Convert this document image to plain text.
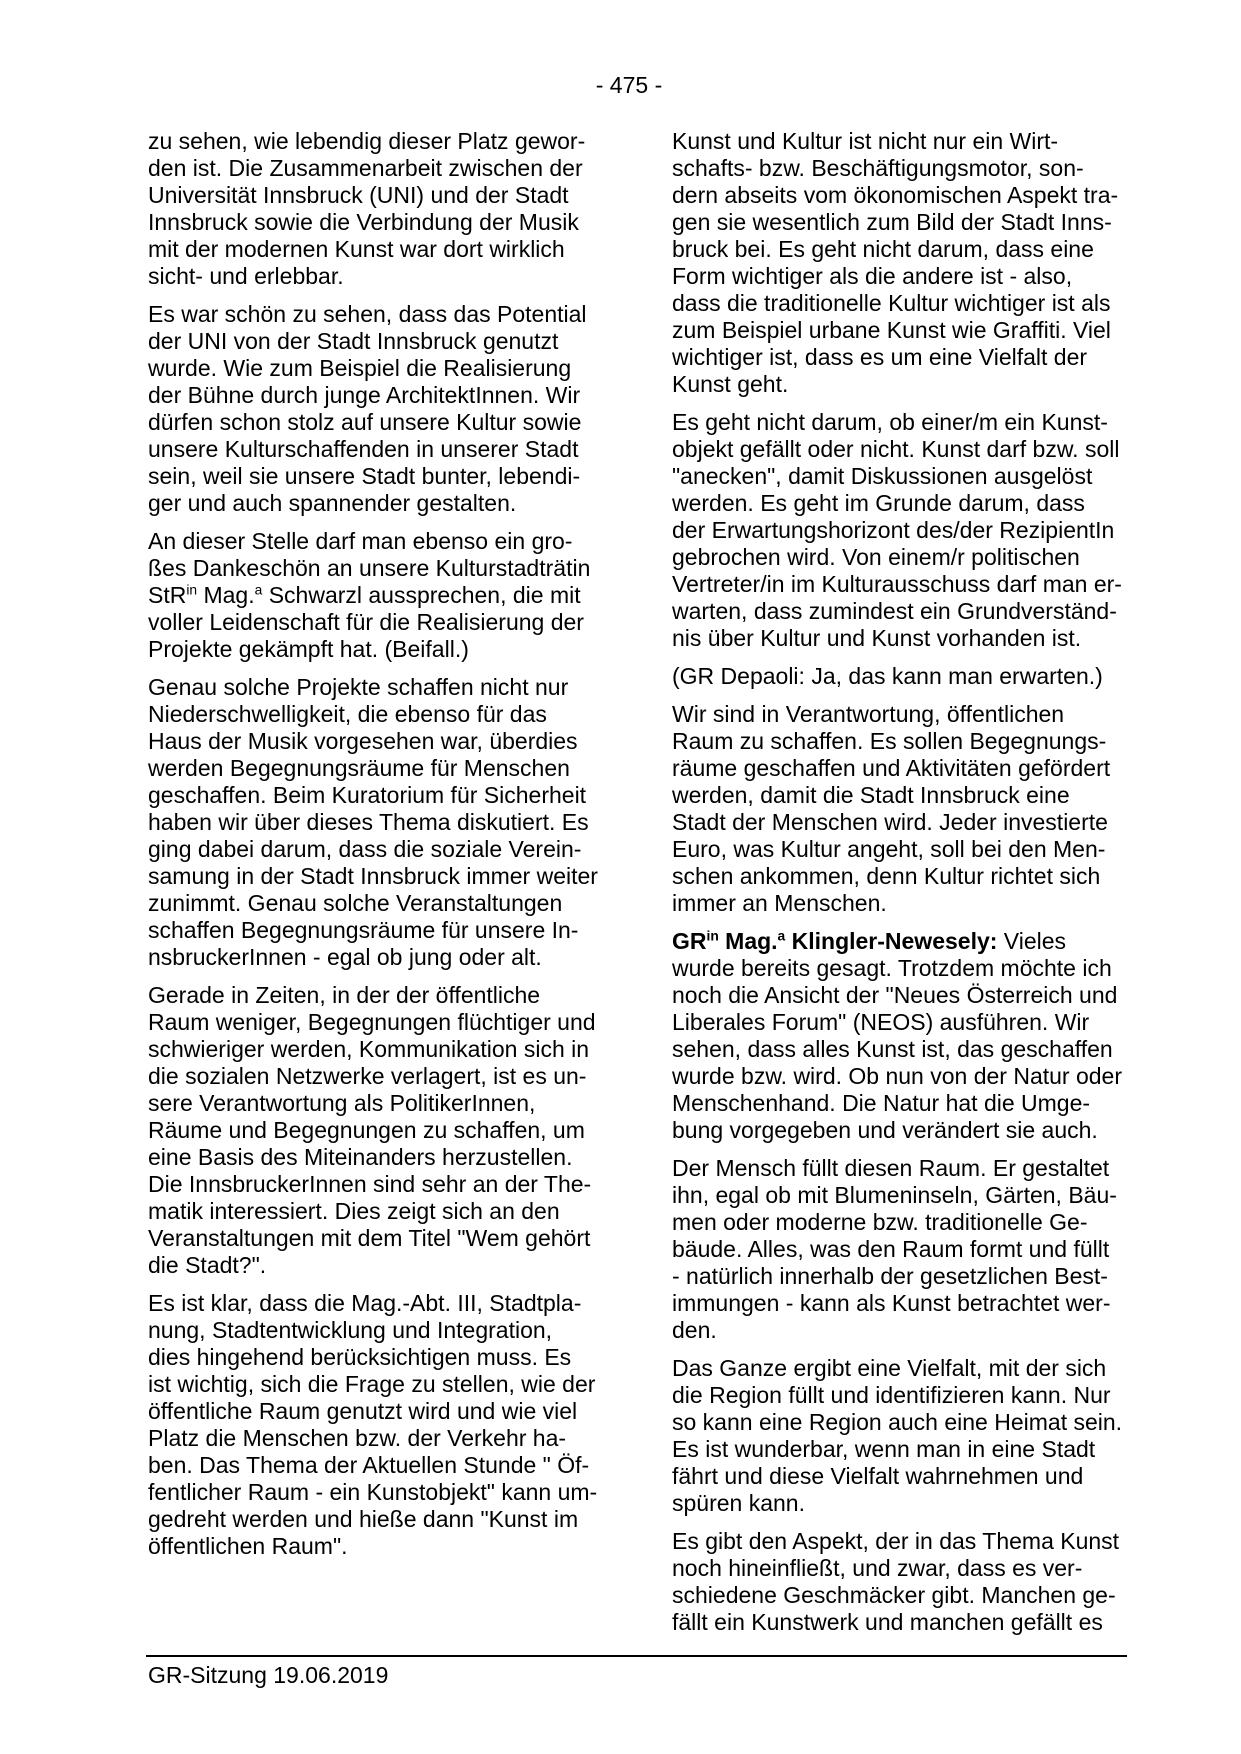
- 475 -

zu sehen, wie lebendig dieser Platz gewor-
den ist. Die Zusammenarbeit zwischen der
Universität Innsbruck (UNI) und der Stadt
Innsbruck sowie die Verbindung der Musik
mit der modernen Kunst war dort wirklich
sicht- und erlebbar.

Es war schön zu sehen, dass das Potential
der UNI von der Stadt Innsbruck genutzt
wurde. Wie zum Beispiel die Realisierung
der Bühne durch junge ArchitektInnen. Wir
dürfen schon stolz auf unsere Kultur sowie
unsere Kulturschaffenden in unserer Stadt
sein, weil sie unsere Stadt bunter, lebendi-
ger und auch spannender gestalten.

An dieser Stelle darf man ebenso ein gro-
ßes Dankeschön an unsere Kulturstadträtin
StR$^{in}$ Mag.$^a$ Schwarzl aussprechen, die mit
voller Leidenschaft für die Realisierung der
Projekte gekämpft hat. (Beifall.)

Genau solche Projekte schaffen nicht nur
Niederschwelligkeit, die ebenso für das
Haus der Musik vorgesehen war, überdies
werden Begegnungsräume für Menschen
geschaffen. Beim Kuratorium für Sicherheit
haben wir über dieses Thema diskutiert. Es
ging dabei darum, dass die soziale Verein-
samung in der Stadt Innsbruck immer weiter
zunimmt. Genau solche Veranstaltungen
schaffen Begegnungsräume für unsere In-
nsbruckerInnen - egal ob jung oder alt.

Gerade in Zeiten, in der der öffentliche
Raum weniger, Begegnungen flüchtiger und
schwieriger werden, Kommunikation sich in
die sozialen Netzwerke verlagert, ist es un-
sere Verantwortung als PolitikerInnen,
Räume und Begegnungen zu schaffen, um
eine Basis des Miteinanders herzustellen.
Die InnsbruckerInnen sind sehr an der The-
matik interessiert. Dies zeigt sich an den
Veranstaltungen mit dem Titel "Wem gehört
die Stadt?".

Es ist klar, dass die Mag.-Abt. III, Stadtpla-
nung, Stadtentwicklung und Integration,
dies hingehend berücksichtigen muss. Es
ist wichtig, sich die Frage zu stellen, wie der
öffentliche Raum genutzt wird und wie viel
Platz die Menschen bzw. der Verkehr ha-
ben. Das Thema der Aktuellen Stunde " Öf-
fentlicher Raum - ein Kunstobjekt" kann um-
gedreht werden und hieße dann "Kunst im
öffentlichen Raum".

Kunst und Kultur ist nicht nur ein Wirt-
schafts- bzw. Beschäftigungsmotor, son-
dern abseits vom ökonomischen Aspekt tra-
gen sie wesentlich zum Bild der Stadt Inns-
bruck bei. Es geht nicht darum, dass eine
Form wichtiger als die andere ist - also,
dass die traditionelle Kultur wichtiger ist als
zum Beispiel urbane Kunst wie Graffiti. Viel
wichtiger ist, dass es um eine Vielfalt der
Kunst geht.

Es geht nicht darum, ob einer/m ein Kunst-
objekt gefällt oder nicht. Kunst darf bzw. soll
"anecken", damit Diskussionen ausgelöst
werden. Es geht im Grunde darum, dass
der Erwartungshorizont des/der RezipientIn
gebrochen wird. Von einem/r politischen
Vertreter/in im Kulturausschuss darf man er-
warten, dass zumindest ein Grundverständ-
nis über Kultur und Kunst vorhanden ist.

(GR Depaoli: Ja, das kann man erwarten.)

Wir sind in Verantwortung, öffentlichen
Raum zu schaffen. Es sollen Begegnungs-
räume geschaffen und Aktivitäten gefördert
werden, damit die Stadt Innsbruck eine
Stadt der Menschen wird. Jeder investierte
Euro, was Kultur angeht, soll bei den Men-
schen ankommen, denn Kultur richtet sich
immer an Menschen.

$GR^{in}$ Mag.$^a$ Klingler-Newesely: Vieles
wurde bereits gesagt. Trotzdem möchte ich
noch die Ansicht der "Neues Österreich und
Liberales Forum" (NEOS) ausführen. Wir
sehen, dass alles Kunst ist, das geschaffen
wurde bzw. wird. Ob nun von der Natur oder
Menschenhand. Die Natur hat die Umge-
bung vorgegeben und verändert sie auch.

Der Mensch füllt diesen Raum. Er gestaltet
ihn, egal ob mit Blumeninseln, Gärten, Bäu-
men oder moderne bzw. traditionelle Ge-
bäude. Alles, was den Raum formt und füllt
- natürlich innerhalb der gesetzlichen Best-
immungen - kann als Kunst betrachtet wer-
den.

Das Ganze ergibt eine Vielfalt, mit der sich
die Region füllt und identifizieren kann. Nur
so kann eine Region auch eine Heimat sein.
Es ist wunderbar, wenn man in eine Stadt
fährt und diese Vielfalt wahrnehmen und
spüren kann.

Es gibt den Aspekt, der in das Thema Kunst
noch hineinfließt, und zwar, dass es ver-
schiedene Geschmäcker gibt. Manchen ge-
fällt ein Kunstwerk und manchen gefällt es

GR-Sitzung 19.06.2019
